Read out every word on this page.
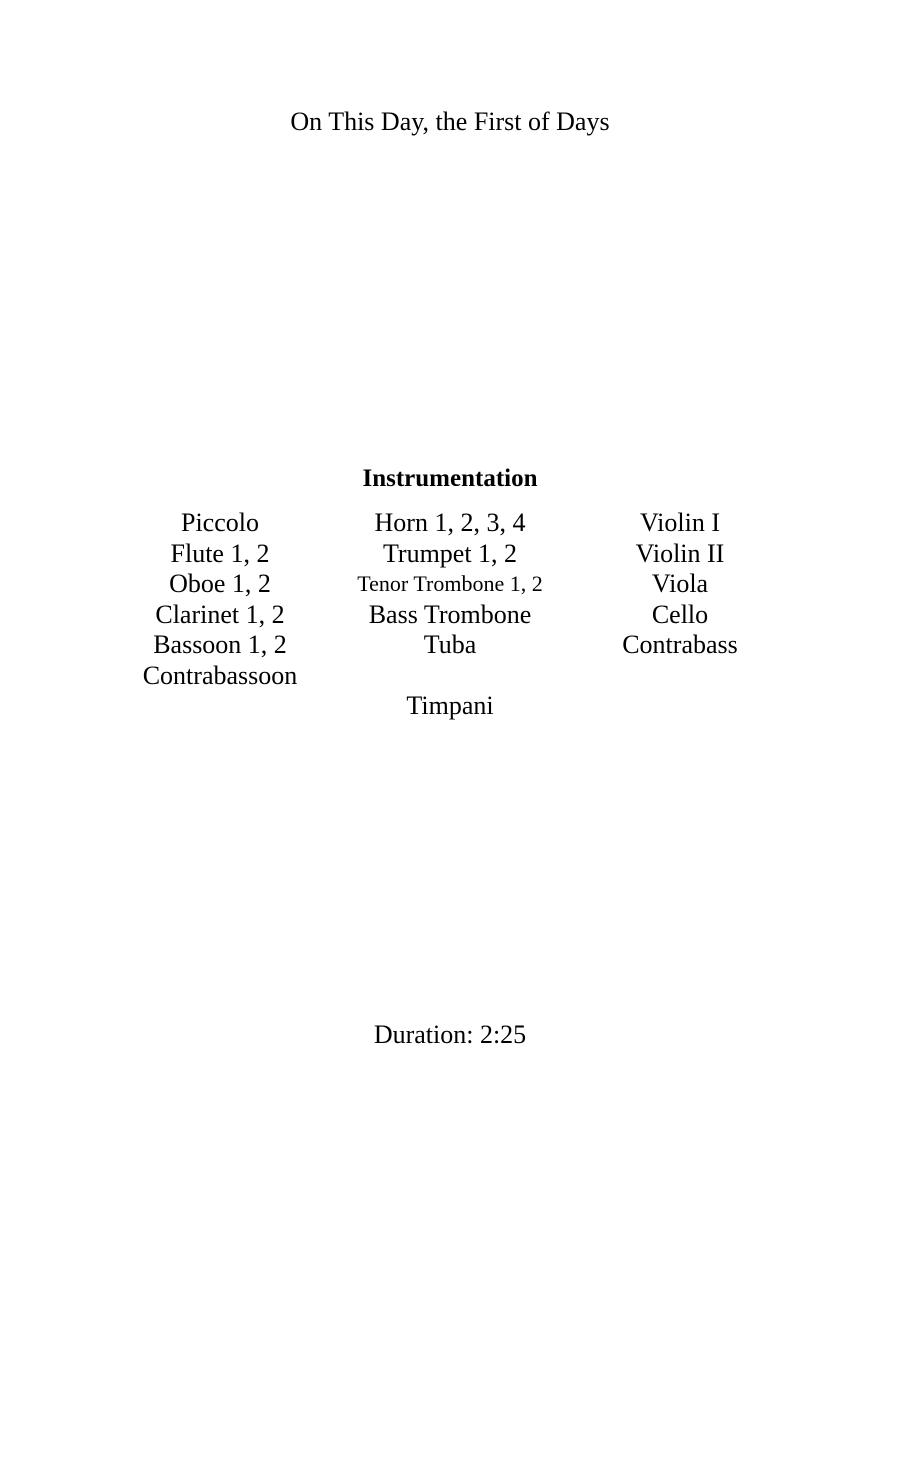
On This Day, the First of Days
Instrumentation
Piccolo
Flute 1, 2
Oboe 1, 2
Clarinet 1, 2
Bassoon 1, 2
Contrabassoon
Horn 1, 2, 3, 4
Trumpet 1, 2
Tenor Trombone 1, 2
Bass Trombone
Tuba
Violin I
Violin II
Viola
Cello
Contrabass
Timpani
Duration: 2:25
